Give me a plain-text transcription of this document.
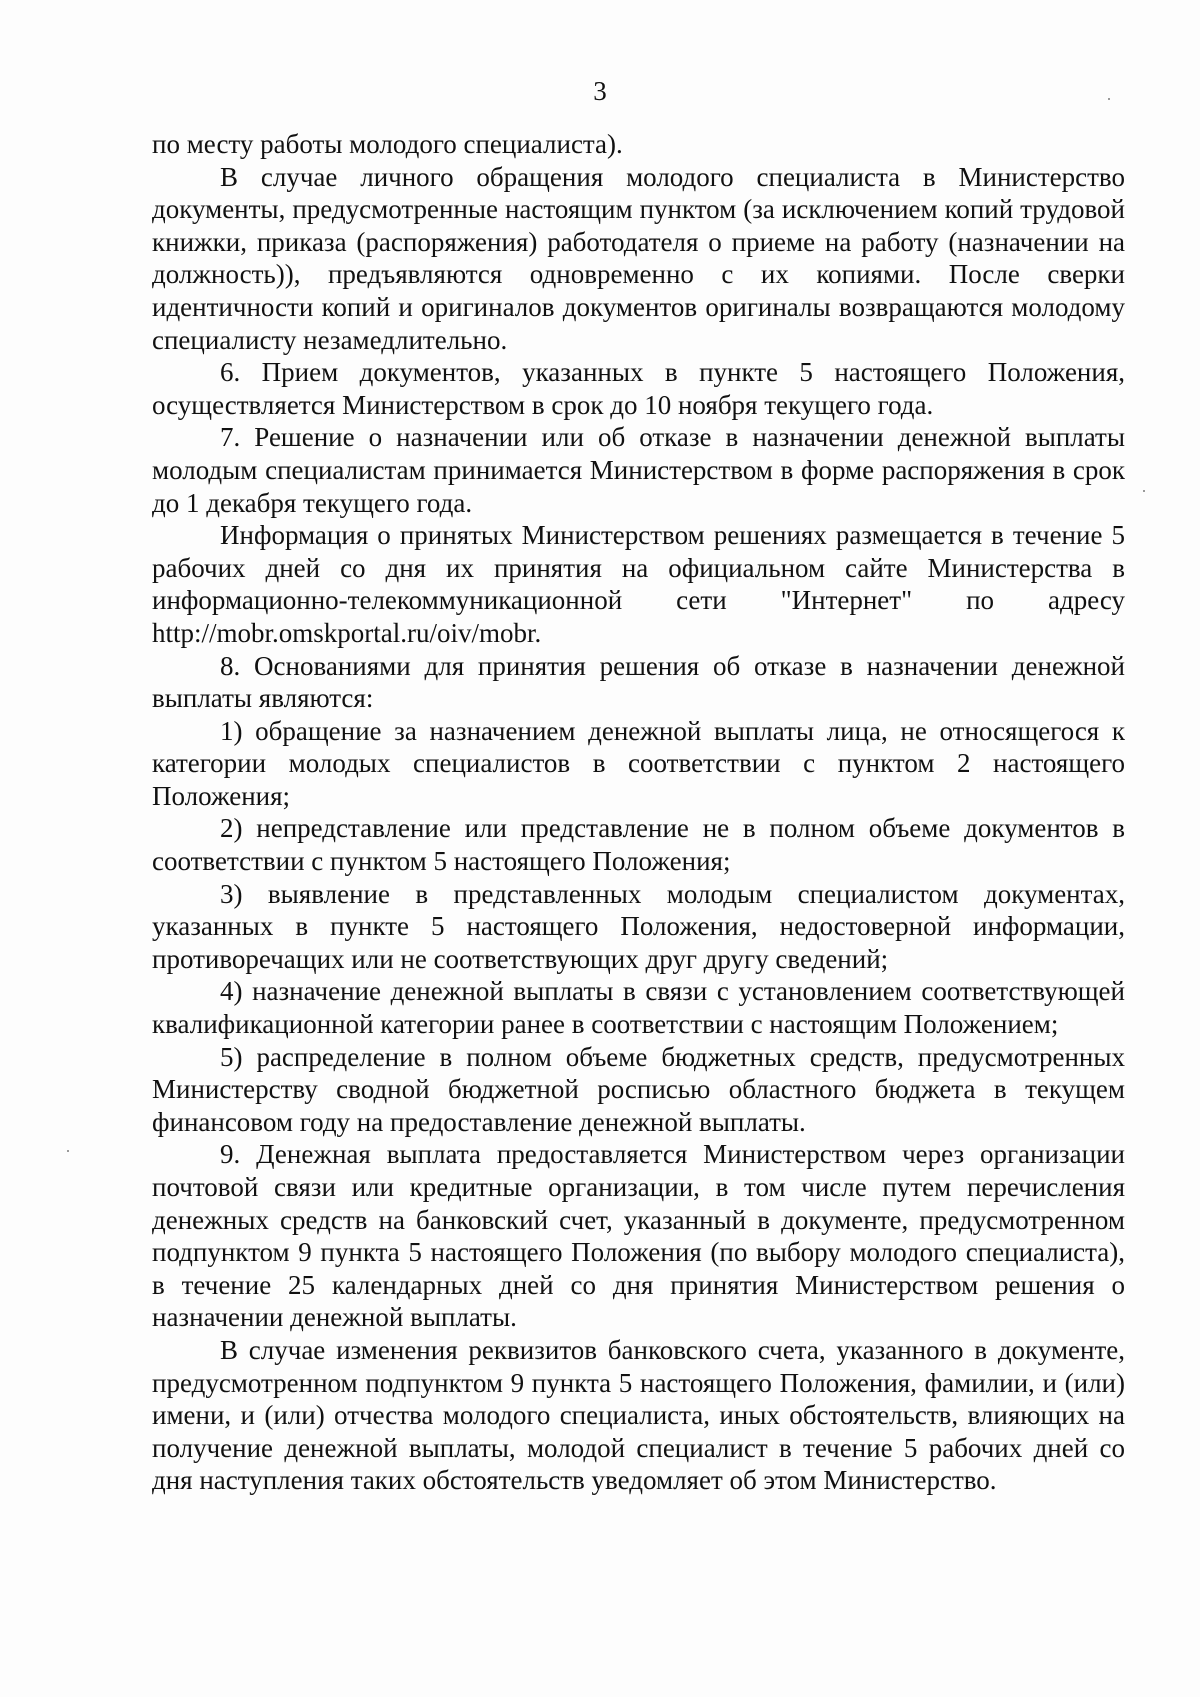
3

по месту работы молодого специалиста).

В случае личного обращения молодого специалиста в Министерство документы, предусмотренные настоящим пунктом (за исключением копий трудовой книжки, приказа (распоряжения) работодателя о приеме на работу (назначении на должность)), предъявляются одновременно с их копиями. После сверки идентичности копий и оригиналов документов оригиналы возвращаются молодому специалисту незамедлительно.

6. Прием документов, указанных в пункте 5 настоящего Положения, осуществляется Министерством в срок до 10 ноября текущего года.

7. Решение о назначении или об отказе в назначении денежной выплаты молодым специалистам принимается Министерством в форме распоряжения в срок до 1 декабря текущего года.

Информация о принятых Министерством решениях размещается в течение 5 рабочих дней со дня их принятия на официальном сайте Министерства в информационно-телекоммуникационной сети "Интернет" по адресу http://mobr.omskportal.ru/oiv/mobr.

8. Основаниями для принятия решения об отказе в назначении денежной выплаты являются:

1) обращение за назначением денежной выплаты лица, не относящегося к категории молодых специалистов в соответствии с пунктом 2 настоящего Положения;

2) непредставление или представление не в полном объеме документов в соответствии с пунктом 5 настоящего Положения;

3) выявление в представленных молодым специалистом документах, указанных в пункте 5 настоящего Положения, недостоверной информации, противоречащих или не соответствующих друг другу сведений;

4) назначение денежной выплаты в связи с установлением соответствующей квалификационной категории ранее в соответствии с настоящим Положением;

5) распределение в полном объеме бюджетных средств, предусмотренных Министерству сводной бюджетной росписью областного бюджета в текущем финансовом году на предоставление денежной выплаты.

9. Денежная выплата предоставляется Министерством через организации почтовой связи или кредитные организации, в том числе путем перечисления денежных средств на банковский счет, указанный в документе, предусмотренном подпунктом 9 пункта 5 настоящего Положения (по выбору молодого специалиста), в течение 25 календарных дней со дня принятия Министерством решения о назначении денежной выплаты.

В случае изменения реквизитов банковского счета, указанного в документе, предусмотренном подпунктом 9 пункта 5 настоящего Положения, фамилии, и (или) имени, и (или) отчества молодого специалиста, иных обстоятельств, влияющих на получение денежной выплаты, молодой специалист в течение 5 рабочих дней со дня наступления таких обстоятельств уведомляет об этом Министерство.
